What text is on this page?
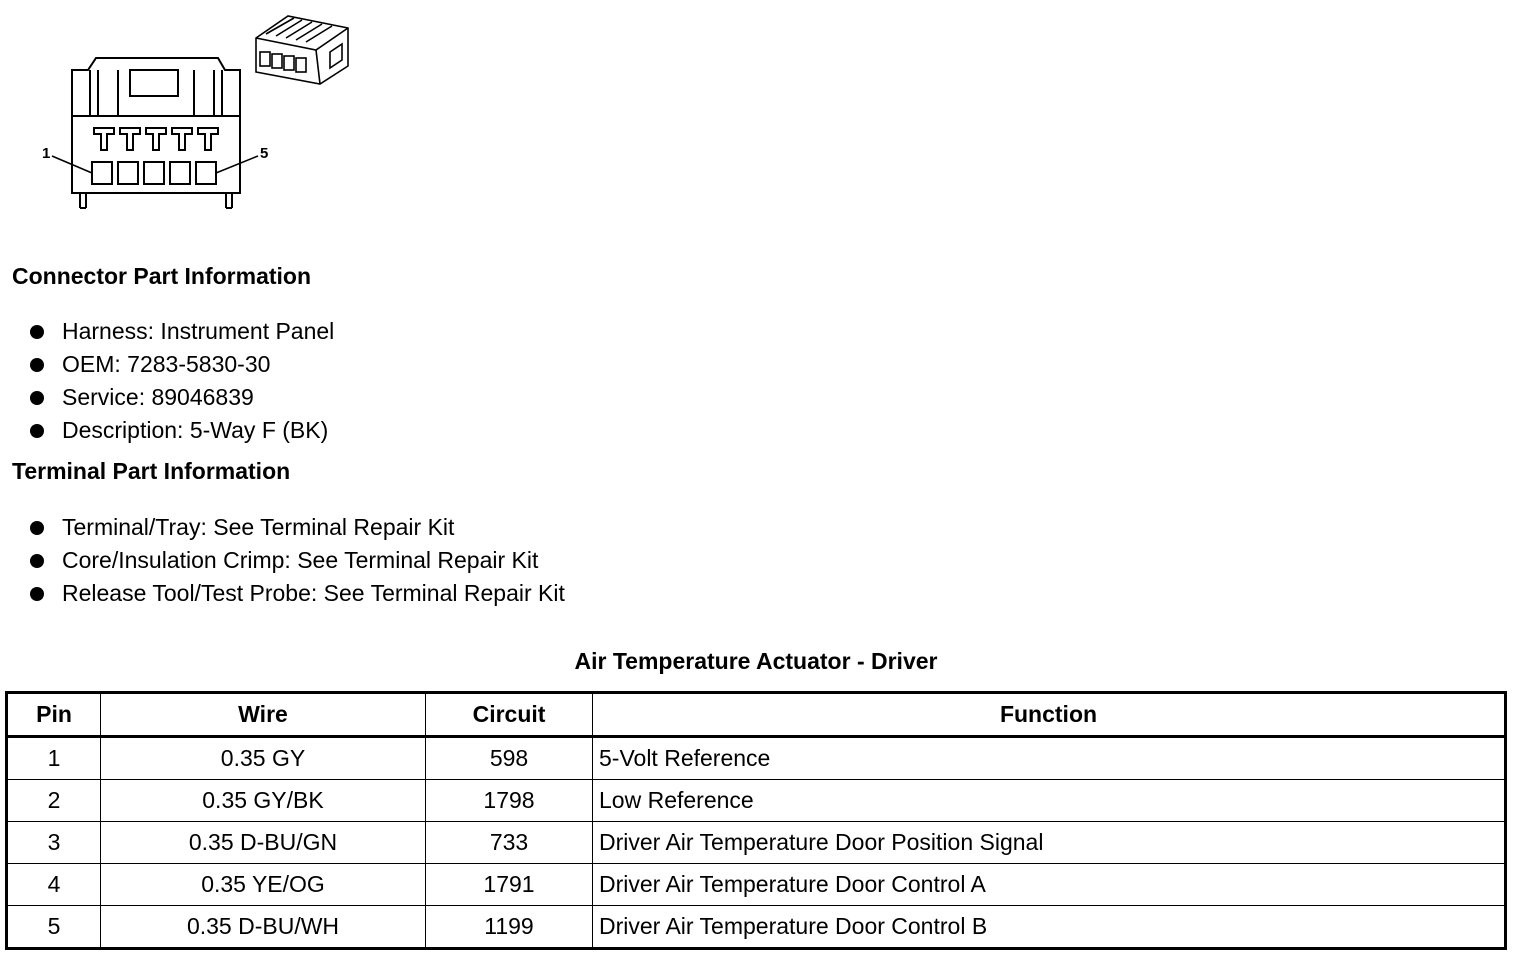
1	5
Connector Part Information
Harness: Instrument Panel
OEM: 7283-5830-30
Service: 89046839
Description: 5-Way F (BK)
Terminal Part Information
Terminal/Tray: See Terminal Repair Kit
Core/Insulation Crimp: See Terminal Repair Kit
Release Tool/Test Probe: See Terminal Repair Kit
Air Temperature Actuator - Driver
Pin	Wire	Circuit	Function
1	0.35 GY	598	5-Volt Reference
2	0.35 GY/BK	1798	Low Reference
3	0.35 D-BU/GN	733	Driver Air Temperature Door Position Signal
4	0.35 YE/OG	1791	Driver Air Temperature Door Control A
5	0.35 D-BU/WH	1199	Driver Air Temperature Door Control B
